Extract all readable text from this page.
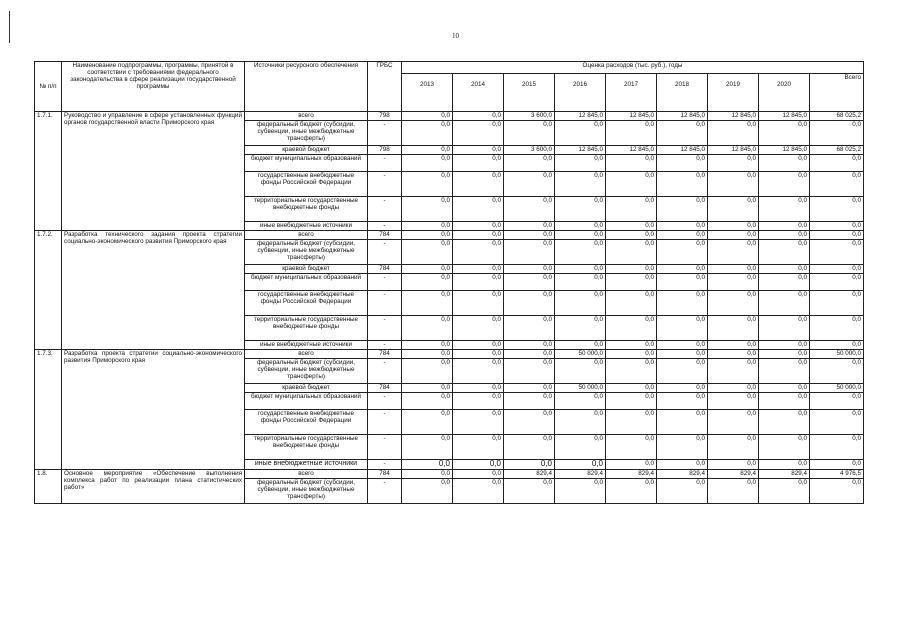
10
№ п/п	Наименование подпрограммы, программы, принятой в соответствии с требованиями федерального законодательства в сфере реализации государственной программы	Источники ресурсного обеспечения	ГРБС	Оценка расходов (тыс. руб.), годы								
				2013	2014	2015	2016	2017	2018	2019	2020	Всего
1.7.1.	Руководство и управление в сфере установленных функций органов государственной власти Приморского края	всего	798	0,0	0,0	3 600,0	12 845,0	12 845,0	12 845,0	12 845,0	12 845,0	68 025,2
		федеральный бюджет (субсидии, субвенции, иные межбюджетные трансферты)	-	0,0	0,0	0,0	0,0	0,0	0,0	0,0	0,0	0,0
		краевой бюджет	798	0,0	0,0	3 600,0	12 845,0	12 845,0	12 845,0	12 845,0	12 845,0	68 025,2
		бюджет муниципальных образований	-	0,0	0,0	0,0	0,0	0,0	0,0	0,0	0,0	0,0
		государственные внебюджетные фонды Российской Федерации	-	0,0	0,0	0,0	0,0	0,0	0,0	0,0	0,0	0,0
		территориальные государственные внебюджетные фонды	-	0,0	0,0	0,0	0,0	0,0	0,0	0,0	0,0	0,0
		иные внебюджетные источники	-	0,0	0,0	0,0	0,0	0,0	0,0	0,0	0,0	0,0
1.7.2.	Разработка технического задания проекта стратегии социально-экономического развития Приморского края	всего	784	0,0	0,0	0,0	0,0	0,0	0,0	0,0	0,0	0,0
		федеральный бюджет (субсидии, субвенции, иные межбюджетные трансферты)	-	0,0	0,0	0,0	0,0	0,0	0,0	0,0	0,0	0,0
		краевой бюджет	784	0,0	0,0	0,0	0,0	0,0	0,0	0,0	0,0	0,0
		бюджет муниципальных образований	-	0,0	0,0	0,0	0,0	0,0	0,0	0,0	0,0	0,0
		государственные внебюджетные фонды Российской Федерации	-	0,0	0,0	0,0	0,0	0,0	0,0	0,0	0,0	0,0
		территориальные государственные внебюджетные фонды	-	0,0	0,0	0,0	0,0	0,0	0,0	0,0	0,0	0,0
		иные внебюджетные источники	-	0,0	0,0	0,0	0,0	0,0	0,0	0,0	0,0	0,0
1.7.3.	Разработка проекта стратегии социально-экономического развития Приморского края	всего	784	0,0	0,0	0,0	50 000,0	0,0	0,0	0,0	0,0	50 000,0
		федеральный бюджет (субсидии, субвенции, иные межбюджетные трансферты)	-	0,0	0,0	0,0	0,0	0,0	0,0	0,0	0,0	0,0
		краевой бюджет	784	0,0	0,0	0,0	50 000,0	0,0	0,0	0,0	0,0	50 000,0
		бюджет муниципальных образований	-	0,0	0,0	0,0	0,0	0,0	0,0	0,0	0,0	0,0
		государственные внебюджетные фонды Российской Федерации	-	0,0	0,0	0,0	0,0	0,0	0,0	0,0	0,0	0,0
		территориальные государственные внебюджетные фонды	-	0,0	0,0	0,0	0,0	0,0	0,0	0,0	0,0	0,0
		иные внебюджетные источники	-	0,0	0,0	0,0	0,0	0,0	0,0	0,0	0,0	0,0
1.8.	Основное мероприятие «Обеспечение выполнения комплекса работ по реализации плана статистических работ»	всего	784	0,0	0,0	829,4	829,4	829,4	829,4	829,4	829,4	4 976,5
		федеральный бюджет (субсидии, субвенции, иные межбюджетные трансферты)	-	0,0	0,0	0,0	0,0	0,0	0,0	0,0	0,0	0,0
